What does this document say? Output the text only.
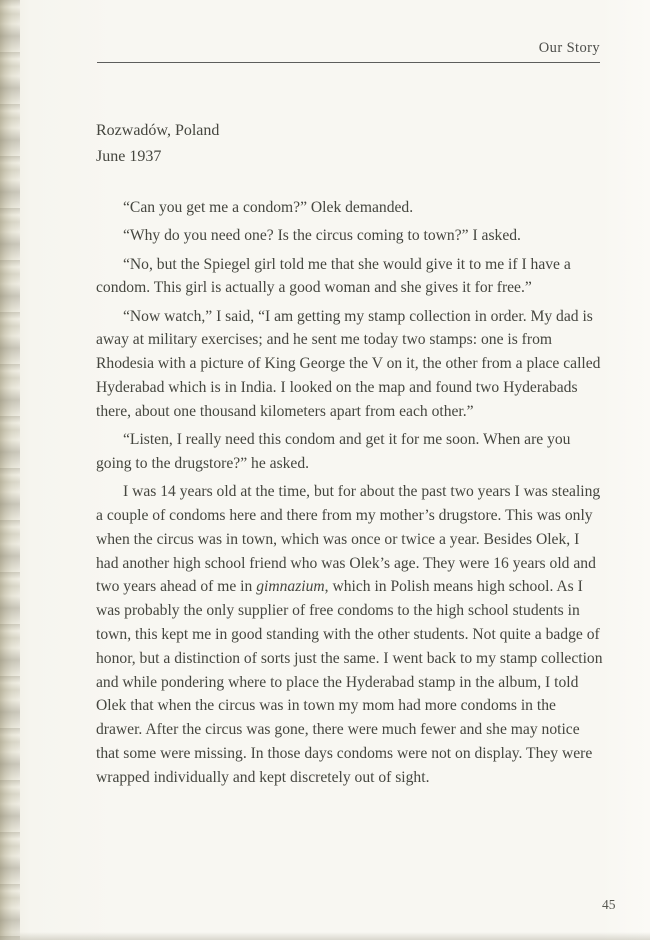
Our Story
Rozwadów, Poland
June 1937

“Can you get me a condom?” Olek demanded.

“Why do you need one? Is the circus coming to town?” I asked.

“No, but the Spiegel girl told me that she would give it to me if I have a condom. This girl is actually a good woman and she gives it for free.”

“Now watch,” I said, “I am getting my stamp collection in order. My dad is away at military exercises; and he sent me today two stamps: one is from Rhodesia with a picture of King George the V on it, the other from a place called Hyderabad which is in India. I looked on the map and found two Hyderabads there, about one thousand kilometers apart from each other.”

“Listen, I really need this condom and get it for me soon. When are you going to the drugstore?” he asked.

I was 14 years old at the time, but for about the past two years I was stealing a couple of condoms here and there from my mother’s drugstore. This was only when the circus was in town, which was once or twice a year. Besides Olek, I had another high school friend who was Olek’s age. They were 16 years old and two years ahead of me in gimnazium, which in Polish means high school. As I was probably the only supplier of free condoms to the high school students in town, this kept me in good standing with the other students. Not quite a badge of honor, but a distinction of sorts just the same. I went back to my stamp collection and while pondering where to place the Hyderabad stamp in the album, I told Olek that when the circus was in town my mom had more condoms in the drawer. After the circus was gone, there were much fewer and she may notice that some were missing. In those days condoms were not on display. They were wrapped individually and kept discretely out of sight.

45
